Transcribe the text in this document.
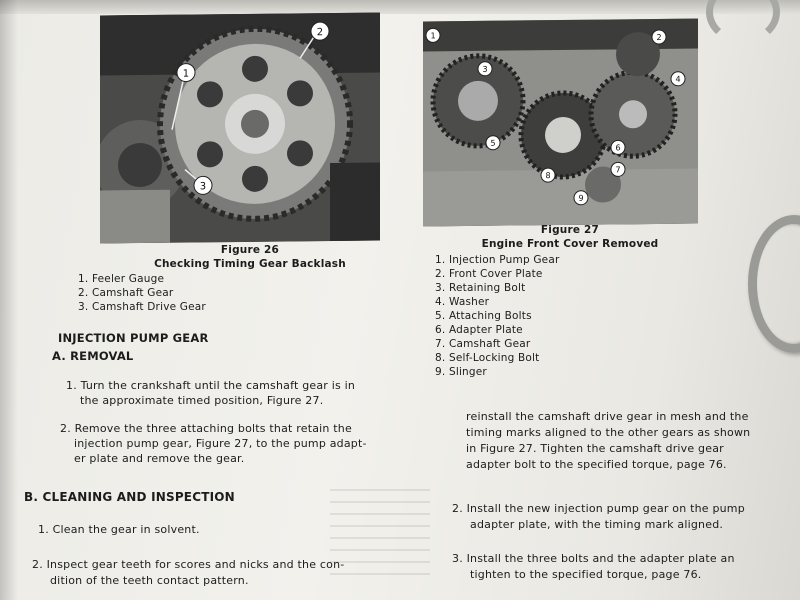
1
2
3
1	2
3
4
5
6
7
8
9
Figure 26
Checking Timing Gear Backlash
1. Feeler Gauge
2. Camshaft Gear
3. Camshaft Drive Gear
Figure 27
Engine Front Cover Removed
1. Injection Pump Gear
2. Front Cover Plate
3. Retaining Bolt
4. Washer
5. Attaching Bolts
6. Adapter Plate
7. Camshaft Gear
8. Self-Locking Bolt
9. Slinger
INJECTION PUMP GEAR
A. REMOVAL
1. Turn the crankshaft until the camshaft gear is in
the approximate timed position, Figure 27.
2. Remove the three attaching bolts that retain the
injection pump gear, Figure 27, to the pump adapt-
er plate and remove the gear.
B. CLEANING AND INSPECTION
1. Clean the gear in solvent.
2. Inspect gear teeth for scores and nicks and the con-
dition of the teeth contact pattern.
reinstall the camshaft drive gear in mesh and the
timing marks aligned to the other gears as shown
in Figure 27. Tighten the camshaft drive gear
adapter bolt to the specified torque, page 76.
2. Install the new injection pump gear on the pump
adapter plate, with the timing mark aligned.
3. Install the three bolts and the adapter plate an
tighten to the specified torque, page 76.
